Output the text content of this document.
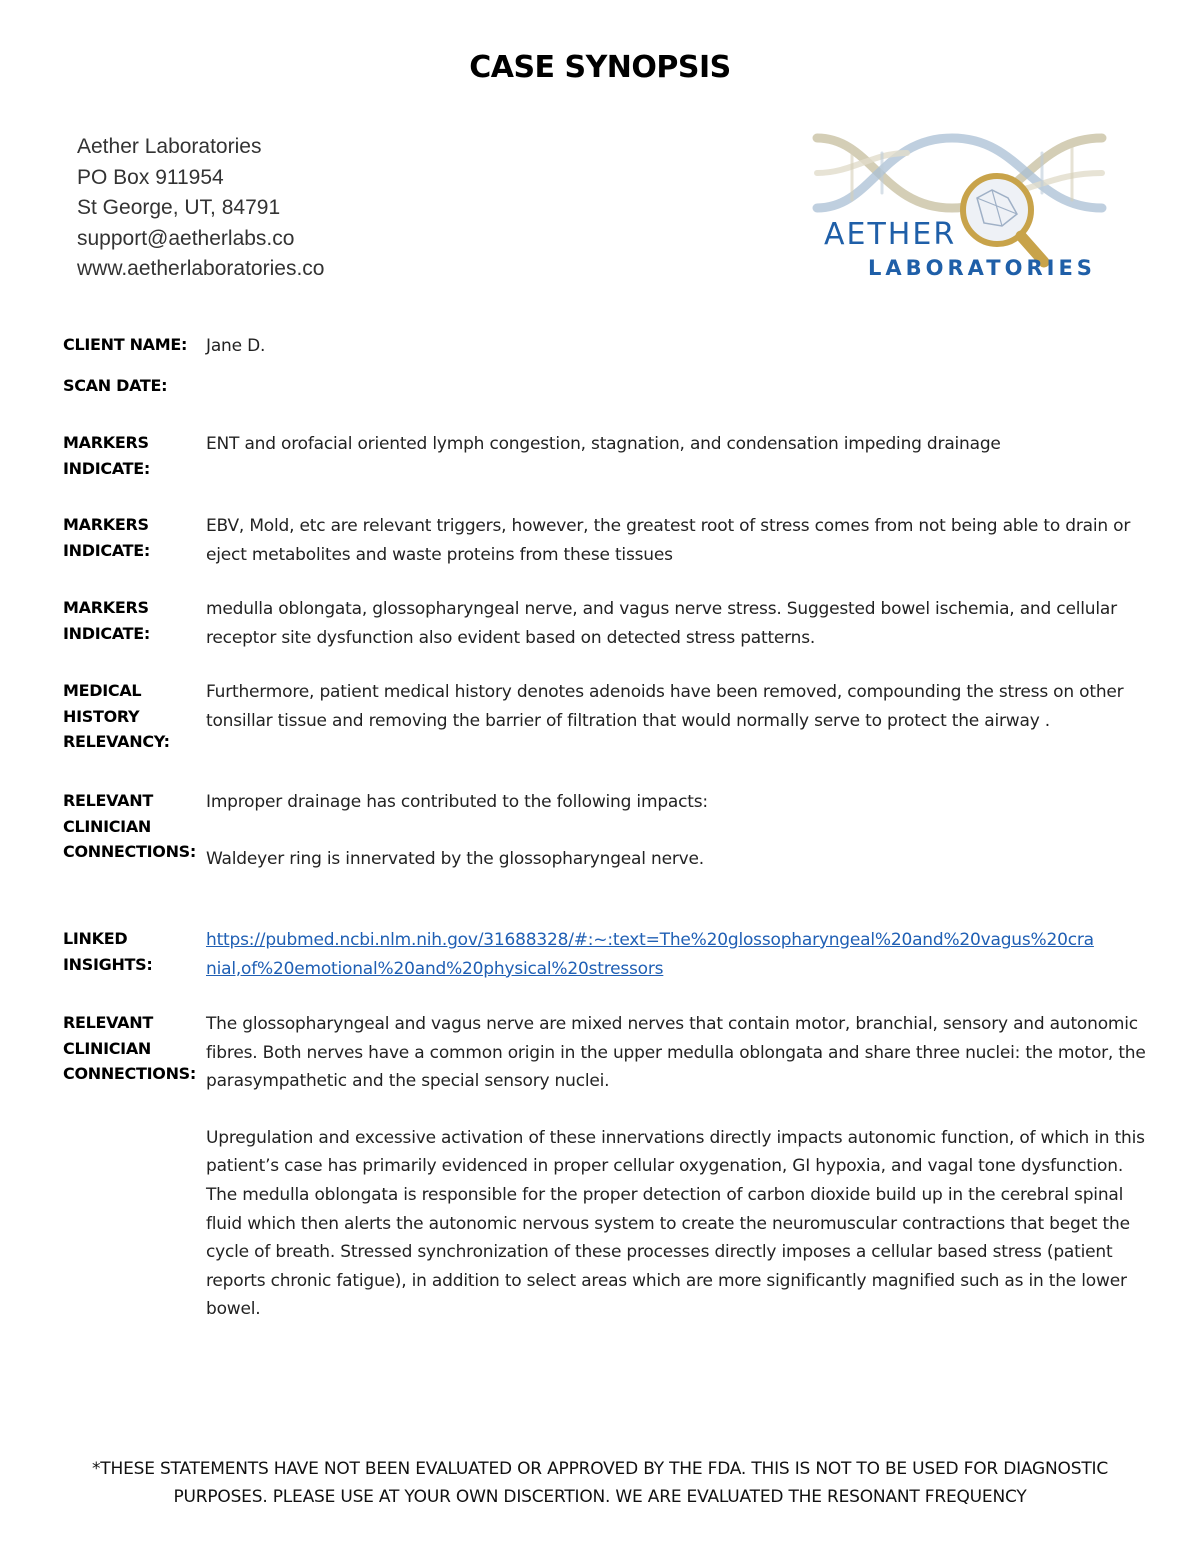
CASE SYNOPSIS
Aether Laboratories
PO Box 911954
St George, UT, 84791
support@aetherlabs.co
www.aetherlaboratories.co
AETHER
LABORATORIES
CLIENT NAME:	Jane D.
SCAN DATE:
MARKERS INDICATE:
ENT and orofacial oriented lymph congestion, stagnation, and condensation impeding drainage
MARKERS INDICATE:
EBV, Mold, etc are relevant triggers, however, the greatest root of stress comes from not being able to drain or eject metabolites and waste proteins from these tissues
MARKERS INDICATE:
medulla oblongata, glossopharyngeal nerve, and vagus nerve stress. Suggested bowel ischemia, and cellular receptor site dysfunction also evident based on detected stress patterns.
MEDICAL HISTORY RELEVANCY:
Furthermore, patient medical history denotes adenoids have been removed, compounding the stress on other tonsillar tissue and removing the barrier of filtration that would normally serve to protect the airway .
RELEVANT CLINICIAN CONNECTIONS:
Improper drainage has contributed to the following impacts:
Waldeyer ring is innervated by the glossopharyngeal nerve.
LINKED INSIGHTS:
https://pubmed.ncbi.nlm.nih.gov/31688328/#:~:text=The%20glossopharyngeal%20and%20vagus%20cra
nial,of%20emotional%20and%20physical%20stressors
RELEVANT CLINICIAN CONNECTIONS:
The glossopharyngeal and vagus nerve are mixed nerves that contain motor, branchial, sensory and autonomic fibres. Both nerves have a common origin in the upper medulla oblongata and share three nuclei: the motor, the parasympathetic and the special sensory nuclei.
Upregulation and excessive activation of these innervations directly impacts autonomic function, of which in this patient’s case has primarily evidenced in proper cellular oxygenation, GI hypoxia, and vagal tone dysfunction. The medulla oblongata is responsible for the proper detection of carbon dioxide build up in the cerebral spinal fluid which then alerts the autonomic nervous system to create the neuromuscular contractions that beget the cycle of breath. Stressed synchronization of these processes directly imposes a cellular based stress (patient reports chronic fatigue), in addition to select areas which are more significantly magnified such as in the lower bowel.
*THESE STATEMENTS HAVE NOT BEEN EVALUATED OR APPROVED BY THE FDA. THIS IS NOT TO BE USED FOR DIAGNOSTIC
PURPOSES. PLEASE USE AT YOUR OWN DISCERTION. WE ARE EVALUATED THE RESONANT FREQUENCY
